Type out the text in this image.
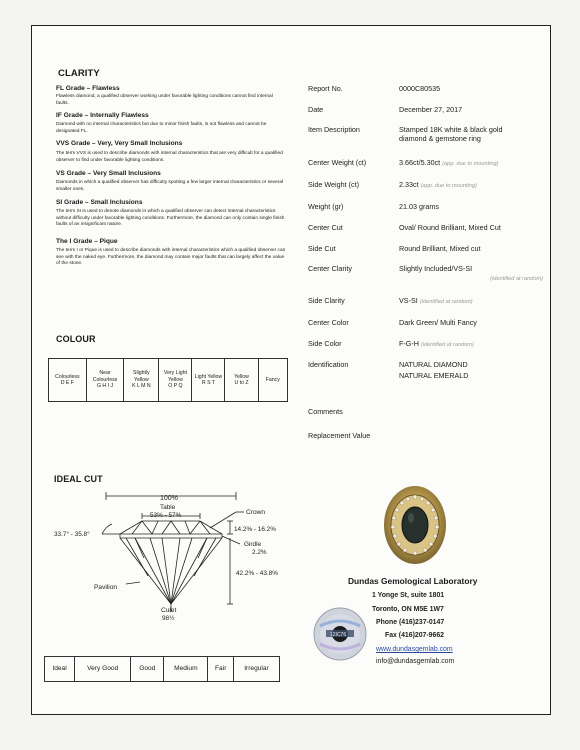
CLARITY
FL Grade – Flawless
Flawless diamond, a qualified observer working under favorable lighting conditions cannot find internal faults.
IF Grade – Internally Flawless
Diamond with no internal characteristics but due to minor finish faults, is not flawless and cannot be designated FL.
VVS Grade – Very, Very Small Inclusions
The term VVS is used to describe diamonds with internal characteristics that are very difficult for a qualified observer to find under favorable lighting conditions.
VS Grade – Very Small Inclusions
Diamonds in which a qualified observer has difficulty spotting a few larger internal characteristics or several smaller ones.
SI Grade – Small Inclusions
The term SI is used to denote diamonds in which a qualified observer can detect internal characteristics without difficulty under favorable lighting conditions. Furthermore, the diamond can only contain single finish faults of an insignificant nature.
The I Grade – Pique
The term I or Pique is used to describe diamonds with internal characteristics which a qualified observer can see with the naked eye. Furthermore, the diamond may contain major faults that can largely affect the value of the stone.
COLOUR
Colourless
D E F

Near Colourless
G H I J

Slightly Yellow
K L M N

Very Light Yellow
O P Q

Light Yellow
R S T

Yellow
U to Z

Fancy
IDEAL CUT
100%
Table
53% - 57%	Crown
14.2% - 16.2%
Girdle
2.2%
33.7° - 35.8°
Pavilion
42.2% - 43.8%
Culet
98½
Ideal	Very Good	Good	Medium	Fair	Irregular
Report No.	0000C80535
Date	December 27, 2017
Item Description	Stamped 18K white & black gold diamond & gemstone ring
Center Weight (ct)	3.66ct/5.30ct (app. due to mounting)
Side Weight (ct)	2.33ct (app. due to mounting)
Weight (gr)	21.03 grams
Center Cut	Oval/ Round Brilliant, Mixed Cut
Side Cut	Round Brilliant, Mixed cut
Center Clarity	Slightly Included/VS-SI
(identified at random)
Side Clarity	VS-SI (identified at random)
Center Color	Dark Green/ Multi Fancy
Side Color	F-G-H (identified at random)
Identification	NATURAL DIAMOND
NATURAL EMERALD
Comments
Replacement Value
Dundas Gemological Laboratory
1 Yonge St, suite 1801
Toronto, ON M5E 1W7
Phone (416)237-0147
Fax (416)207-9662
www.dundasgemlab.com
info@dundasgemlab.com
12IC76
